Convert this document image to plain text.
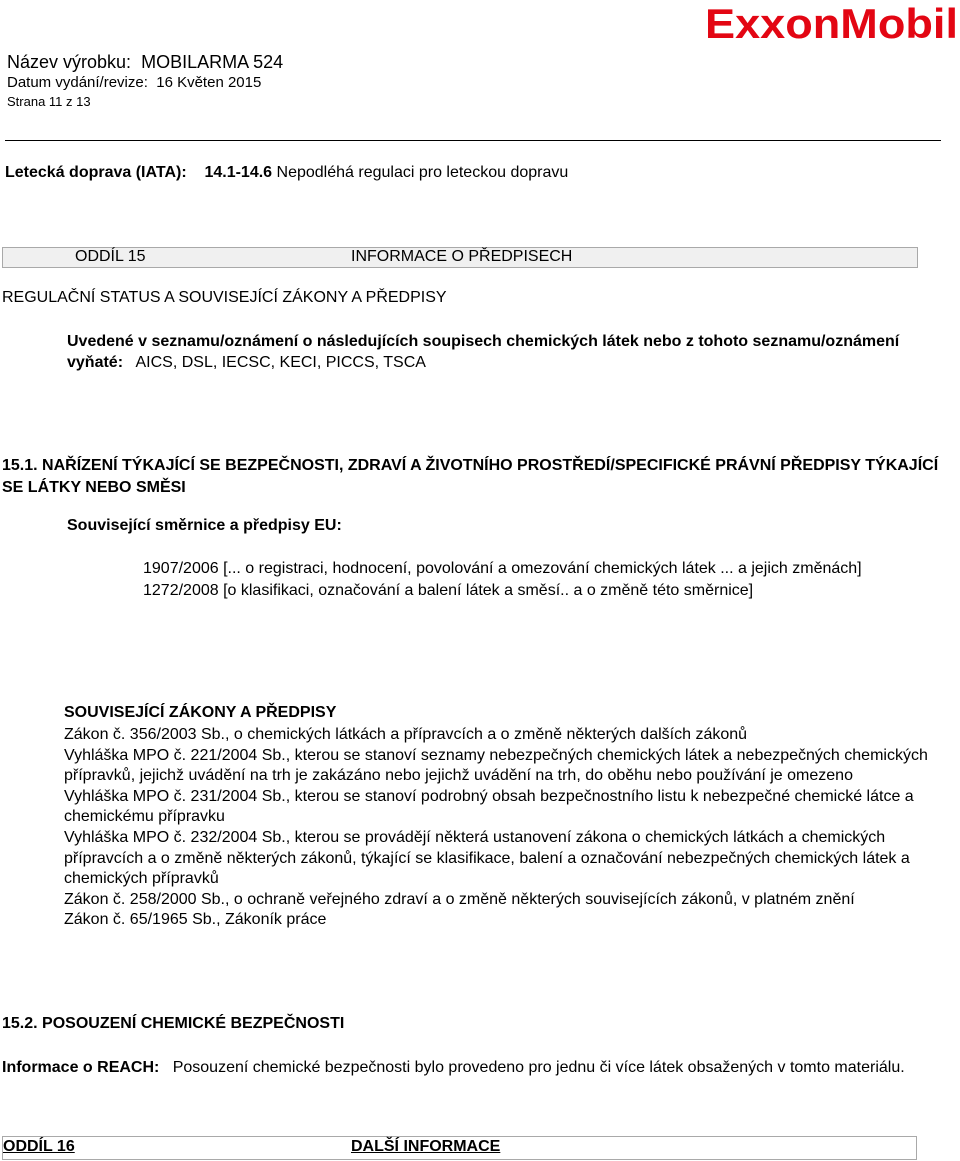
Název výrobku: MOBILARMA 524
Datum vydání/revize: 16 Květen 2015
Strana 11 z 13
ExxonMobil
Letecká doprava (IATA): 14.1-14.6 Nepodléhá regulaci pro leteckou dopravu
ODDÍL 15	INFORMACE O PŘEDPISECH
REGULAČNÍ STATUS A SOUVISEJÍCÍ ZÁKONY A PŘEDPISY
Uvedené v seznamu/oznámení o následujících soupisech chemických látek nebo z tohoto seznamu/oznámení vyňaté: AICS, DSL, IECSC, KECI, PICCS, TSCA
15.1. NAŘÍZENÍ TÝKAJÍCÍ SE BEZPEČNOSTI, ZDRAVÍ A ŽIVOTNÍHO PROSTŘEDÍ/SPECIFICKÉ PRÁVNÍ PŘEDPISY TÝKAJÍCÍ SE LÁTKY NEBO SMĚSI
Související směrnice a předpisy EU:
1907/2006 [... o registraci, hodnocení, povolování a omezování chemických látek ... a jejich změnách]
1272/2008 [o klasifikaci, označování a balení látek a směsí.. a o změně této směrnice]
SOUVISEJÍCÍ ZÁKONY A PŘEDPISY
Zákon č. 356/2003 Sb., o chemických látkách a přípravcích a o změně některých dalších zákonů
Vyhláška MPO č. 221/2004 Sb., kterou se stanoví seznamy nebezpečných chemických látek a nebezpečných chemických přípravků, jejichž uvádění na trh je zakázáno nebo jejichž uvádění na trh, do oběhu nebo používání je omezeno
Vyhláška MPO č. 231/2004 Sb., kterou se stanoví podrobný obsah bezpečnostního listu k nebezpečné chemické látce a chemickému přípravku
Vyhláška MPO č. 232/2004 Sb., kterou se provádějí některá ustanovení zákona o chemických látkách a chemických přípravcích a o změně některých zákonů, týkající se klasifikace, balení a označování nebezpečných chemických látek a chemických přípravků
Zákon č. 258/2000 Sb., o ochraně veřejného zdraví a o změně některých souvisejících zákonů, v platném znění
Zákon č. 65/1965 Sb., Zákoník práce
15.2. POSOUZENÍ CHEMICKÉ BEZPEČNOSTI
Informace o REACH: Posouzení chemické bezpečnosti bylo provedeno pro jednu či více látek obsažených v tomto materiálu.
ODDÍL 16	DALŠÍ INFORMACE
